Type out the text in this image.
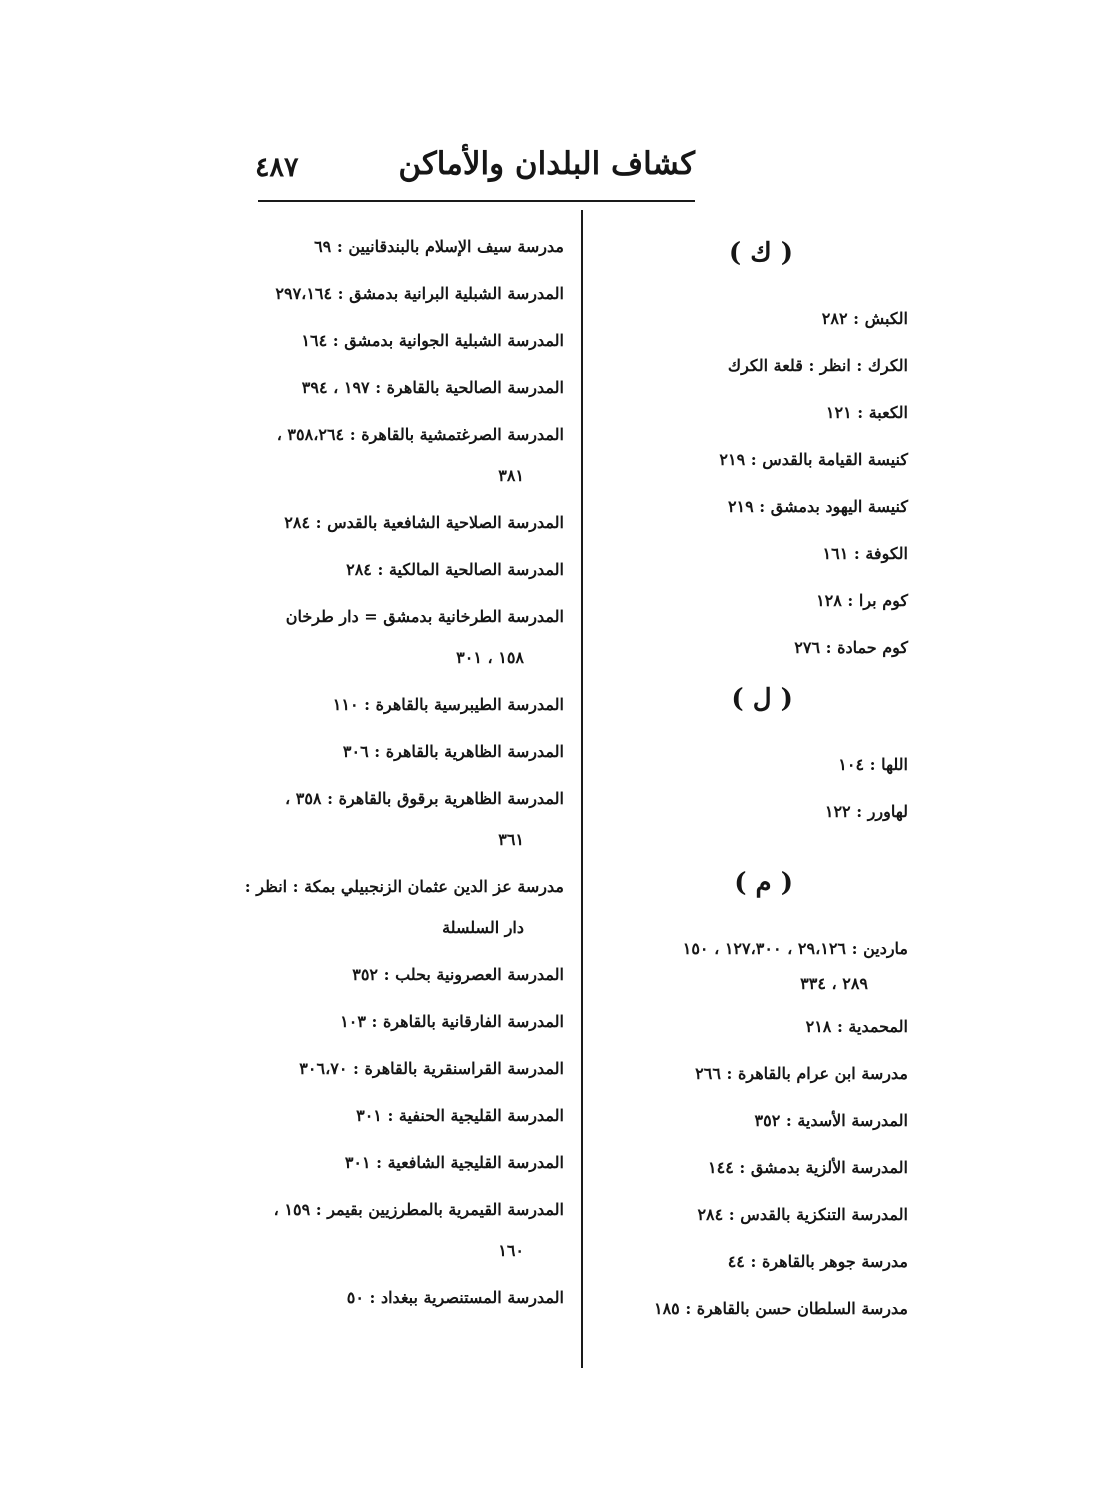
كشاف البلدان والأماكن
٤٨٧
( ك )
الكبش : ٢٨٢
الكرك : انظر : قلعة الكرك
الكعبة : ١٢١
كنيسة القيامة بالقدس : ٢١٩
كنيسة اليهود بدمشق : ٢١٩
الكوفة : ١٦١
كوم برا : ١٢٨
كوم حمادة : ٢٧٦
( ل )
اللها : ١٠٤
لهاورر : ١٢٢
( م )
ماردين : ٢٩،١٢٦ ، ١٢٧،٣٠٠ ، ١٥٠
٢٨٩ ، ٣٣٤
المحمدية : ٢١٨
مدرسة ابن عرام بالقاهرة : ٢٦٦
المدرسة الأسدية : ٣٥٢
المدرسة الألزية بدمشق : ١٤٤
المدرسة التنكزية بالقدس : ٢٨٤
مدرسة جوهر بالقاهرة : ٤٤
مدرسة السلطان حسن بالقاهرة : ١٨٥
مدرسة سيف الإسلام بالبندقانيين : ٦٩
المدرسة الشبلية البرانية بدمشق : ٢٩٧،١٦٤
المدرسة الشبلية الجوانية بدمشق : ١٦٤
المدرسة الصالحية بالقاهرة : ١٩٧ ، ٣٩٤
المدرسة الصرغتمشية بالقاهرة : ٣٥٨،٢٦٤ ،
٣٨١
المدرسة الصلاحية الشافعية بالقدس : ٢٨٤
المدرسة الصالحية المالكية : ٢٨٤
المدرسة الطرخانية بدمشق = دار طرخان
١٥٨ ، ٣٠١
المدرسة الطيبرسية بالقاهرة : ١١٠
المدرسة الظاهرية بالقاهرة : ٣٠٦
المدرسة الظاهرية برقوق بالقاهرة : ٣٥٨ ،
٣٦١
مدرسة عز الدين عثمان الزنجبيلي بمكة : انظر :
دار السلسلة
المدرسة العصرونية بحلب : ٣٥٢
المدرسة الفارقانية بالقاهرة : ١٠٣
المدرسة القراسنقرية بالقاهرة : ٣٠٦،٧٠
المدرسة القليجية الحنفية : ٣٠١
المدرسة القليجية الشافعية : ٣٠١
المدرسة القيمرية بالمطرزيين بقيمر : ١٥٩ ،
١٦٠
المدرسة المستنصرية ببغداد : ٥٠
